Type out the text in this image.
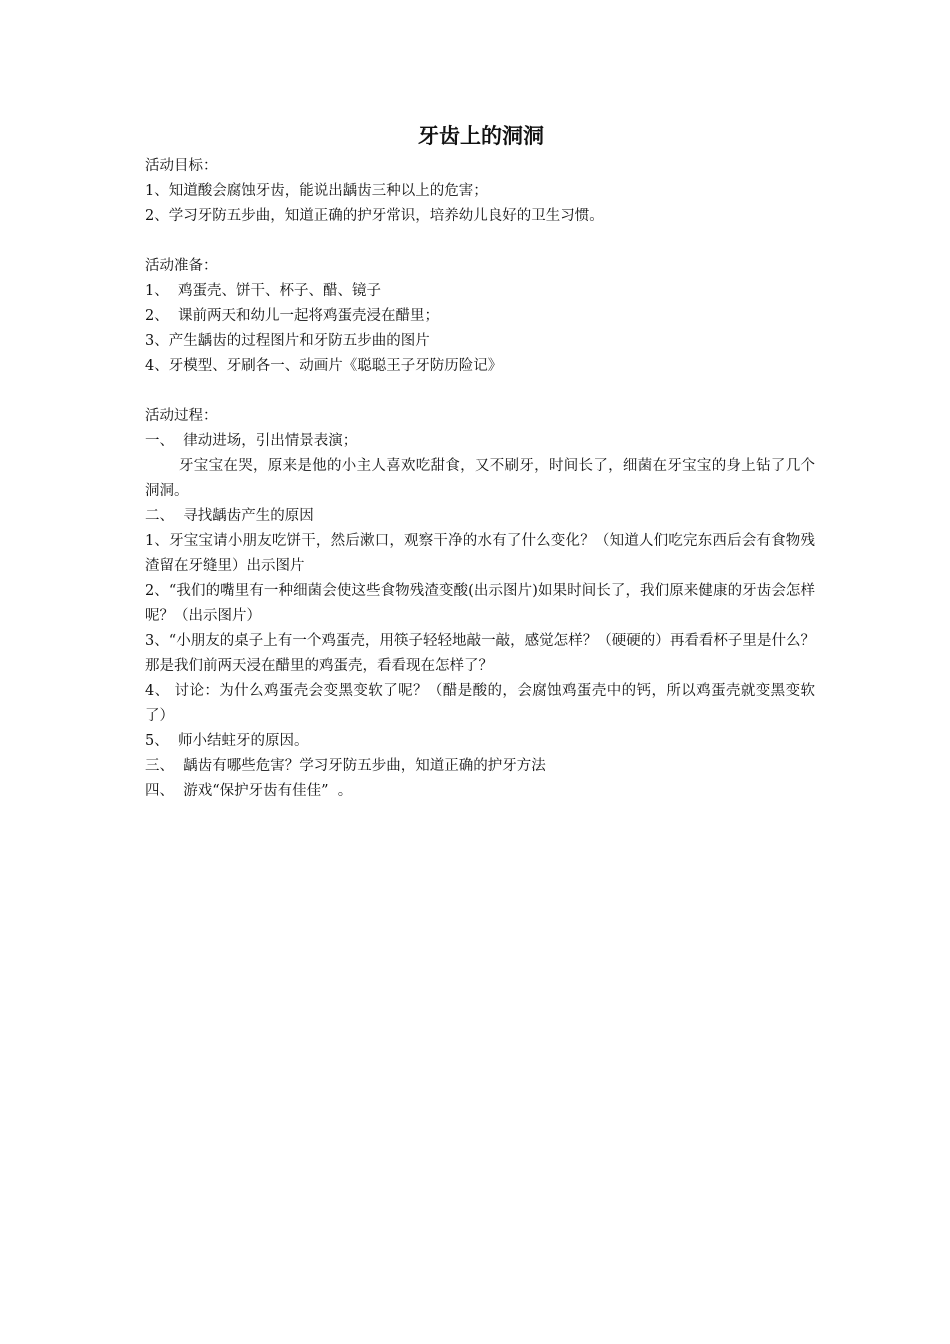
牙齿上的洞洞

活动目标：

1、知道酸会腐蚀牙齿，能说出龋齿三种以上的危害；

2、学习牙防五步曲，知道正确的护牙常识，培养幼儿良好的卫生习惯。

活动准备：

1、  鸡蛋壳、饼干、杯子、醋、镜子

2、  课前两天和幼儿一起将鸡蛋壳浸在醋里；

3、产生龋齿的过程图片和牙防五步曲的图片

4、牙模型、牙刷各一、动画片《聪聪王子牙防历险记》

活动过程：

一、  律动进场，引出情景表演；

牙宝宝在哭，原来是他的小主人喜欢吃甜食，又不刷牙，时间长了，细菌在牙宝宝的身上钻了几个洞洞。

二、  寻找龋齿产生的原因

1、牙宝宝请小朋友吃饼干，然后漱口，观察干净的水有了什么变化？（知道人们吃完东西后会有食物残渣留在牙缝里）出示图片

2、“我们的嘴里有一种细菌会使这些食物残渣变酸(出示图片)如果时间长了，我们原来健康的牙齿会怎样呢？（出示图片）

3、“小朋友的桌子上有一个鸡蛋壳，用筷子轻轻地敲一敲，感觉怎样？（硬硬的）再看看杯子里是什么？那是我们前两天浸在醋里的鸡蛋壳，看看现在怎样了？

4、 讨论：为什么鸡蛋壳会变黑变软了呢？（醋是酸的，会腐蚀鸡蛋壳中的钙，所以鸡蛋壳就变黑变软了）

5、  师小结蛀牙的原因。

三、  龋齿有哪些危害？学习牙防五步曲，知道正确的护牙方法

四、  游戏“保护牙齿有佳佳”  。
